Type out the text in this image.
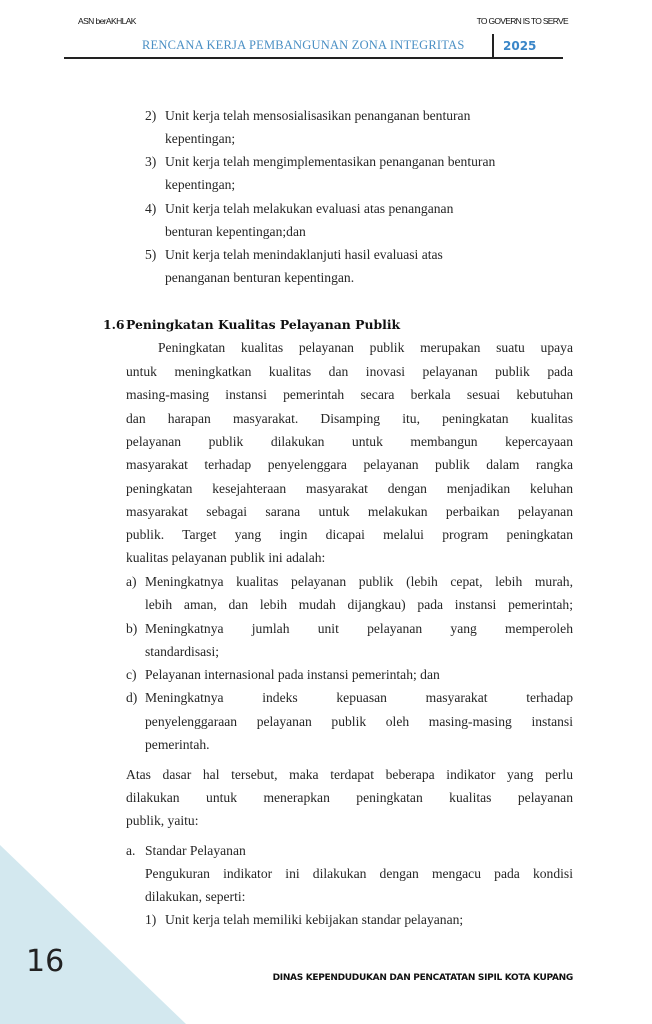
ASN berAKHLAK	TO GOVERN IS TO SERVE
RENCANA KERJA PEMBANGUNAN ZONA INTEGRITAS	2025
2) Unit kerja telah mensosialisasikan penanganan benturan
kepentingan;
3) Unit kerja telah mengimplementasikan penanganan benturan
kepentingan;
4) Unit kerja telah melakukan evaluasi atas penanganan
benturan kepentingan;dan
5) Unit kerja telah menindaklanjuti hasil evaluasi atas
penanganan benturan kepentingan.
1.6 Peningkatan Kualitas Pelayanan Publik
Peningkatan kualitas pelayanan publik merupakan suatu upaya
untuk meningkatkan kualitas dan inovasi pelayanan publik pada
masing-masing instansi pemerintah secara berkala sesuai kebutuhan
dan harapan masyarakat. Disamping itu, peningkatan kualitas
pelayanan publik dilakukan untuk membangun kepercayaan
masyarakat terhadap penyelenggara pelayanan publik dalam rangka
peningkatan kesejahteraan masyarakat dengan menjadikan keluhan
masyarakat sebagai sarana untuk melakukan perbaikan pelayanan
publik. Target yang ingin dicapai melalui program peningkatan
kualitas pelayanan publik ini adalah:
a) Meningkatnya kualitas pelayanan publik (lebih cepat, lebih murah,
lebih aman, dan lebih mudah dijangkau) pada instansi pemerintah;
b) Meningkatnya jumlah unit pelayanan yang memperoleh
standardisasi;
c) Pelayanan internasional pada instansi pemerintah; dan
d) Meningkatnya indeks kepuasan masyarakat terhadap
penyelenggaraan pelayanan publik oleh masing-masing instansi
pemerintah.
Atas dasar hal tersebut, maka terdapat beberapa indikator yang perlu
dilakukan untuk menerapkan peningkatan kualitas pelayanan
publik, yaitu:
a. Standar Pelayanan
Pengukuran indikator ini dilakukan dengan mengacu pada kondisi
dilakukan, seperti:
1) Unit kerja telah memiliki kebijakan standar pelayanan;
16	DINAS KEPENDUDUKAN DAN PENCATATAN SIPIL KOTA KUPANG
